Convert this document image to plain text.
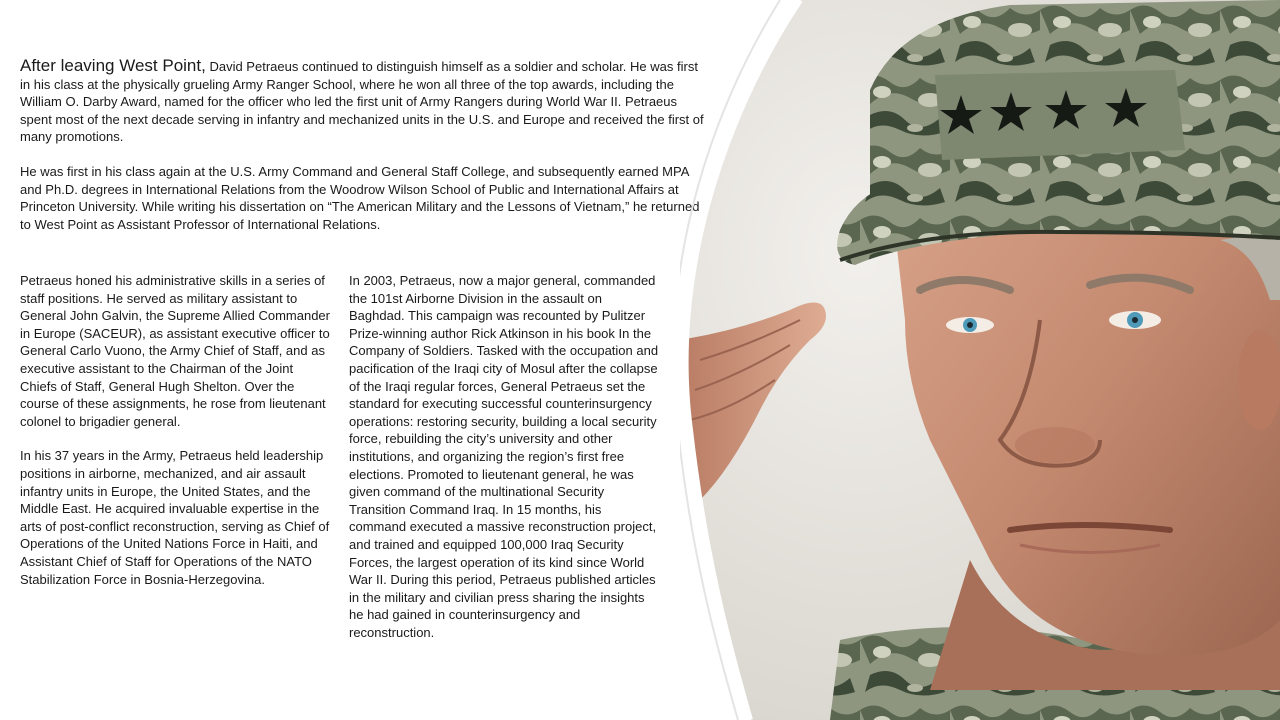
After leaving West Point, David Petraeus continued to distinguish himself as a soldier and scholar. He was first in his class at the physically grueling Army Ranger School, where he won all three of the top awards, including the William O. Darby Award, named for the officer who led the first unit of Army Rangers during World War II. Petraeus spent most of the next decade serving in infantry and mechanized units in the U.S. and Europe and received the first of many promotions.

He was first in his class again at the U.S. Army Command and General Staff College, and subsequently earned MPA and Ph.D. degrees in International Relations from the Woodrow Wilson School of Public and International Affairs at Princeton University. While writing his dissertation on “The American Military and the Lessons of Vietnam,” he returned to West Point as Assistant Professor of International Relations.

Petraeus honed his administrative skills in a series of staff positions. He served as military assistant to General John Galvin, the Supreme Allied Commander in Europe (SACEUR), as assistant executive officer to General Carlo Vuono, the Army Chief of Staff, and as executive assistant to the Chairman of the Joint Chiefs of Staff, General Hugh Shelton. Over the course of these assignments, he rose from lieutenant colonel to brigadier general.

In his 37 years in the Army, Petraeus held leadership positions in airborne, mechanized, and air assault infantry units in Europe, the United States, and the Middle East. He acquired invaluable expertise in the arts of post-conflict reconstruction, serving as Chief of Operations of the United Nations Force in Haiti, and Assistant Chief of Staff for Operations of the NATO Stabilization Force in Bosnia-Herzegovina.

In 2003, Petraeus, now a major general, commanded the 101st Airborne Division in the assault on Baghdad. This campaign was recounted by Pulitzer Prize-winning author Rick Atkinson in his book In the Company of Soldiers. Tasked with the occupation and pacification of the Iraqi city of Mosul after the collapse of the Iraqi regular forces, General Petraeus set the standard for executing successful counterinsurgency operations: restoring security, building a local security force, rebuilding the city’s university and other institutions, and organizing the region’s first free elections. Promoted to lieutenant general, he was given command of the multinational Security Transition Command Iraq. In 15 months, his command executed a massive reconstruction project, and trained and equipped 100,000 Iraq Security Forces, the largest operation of its kind since World War II. During this period, Petraeus published articles in the military and civilian press sharing the insights he had gained in counterinsurgency and reconstruction.
